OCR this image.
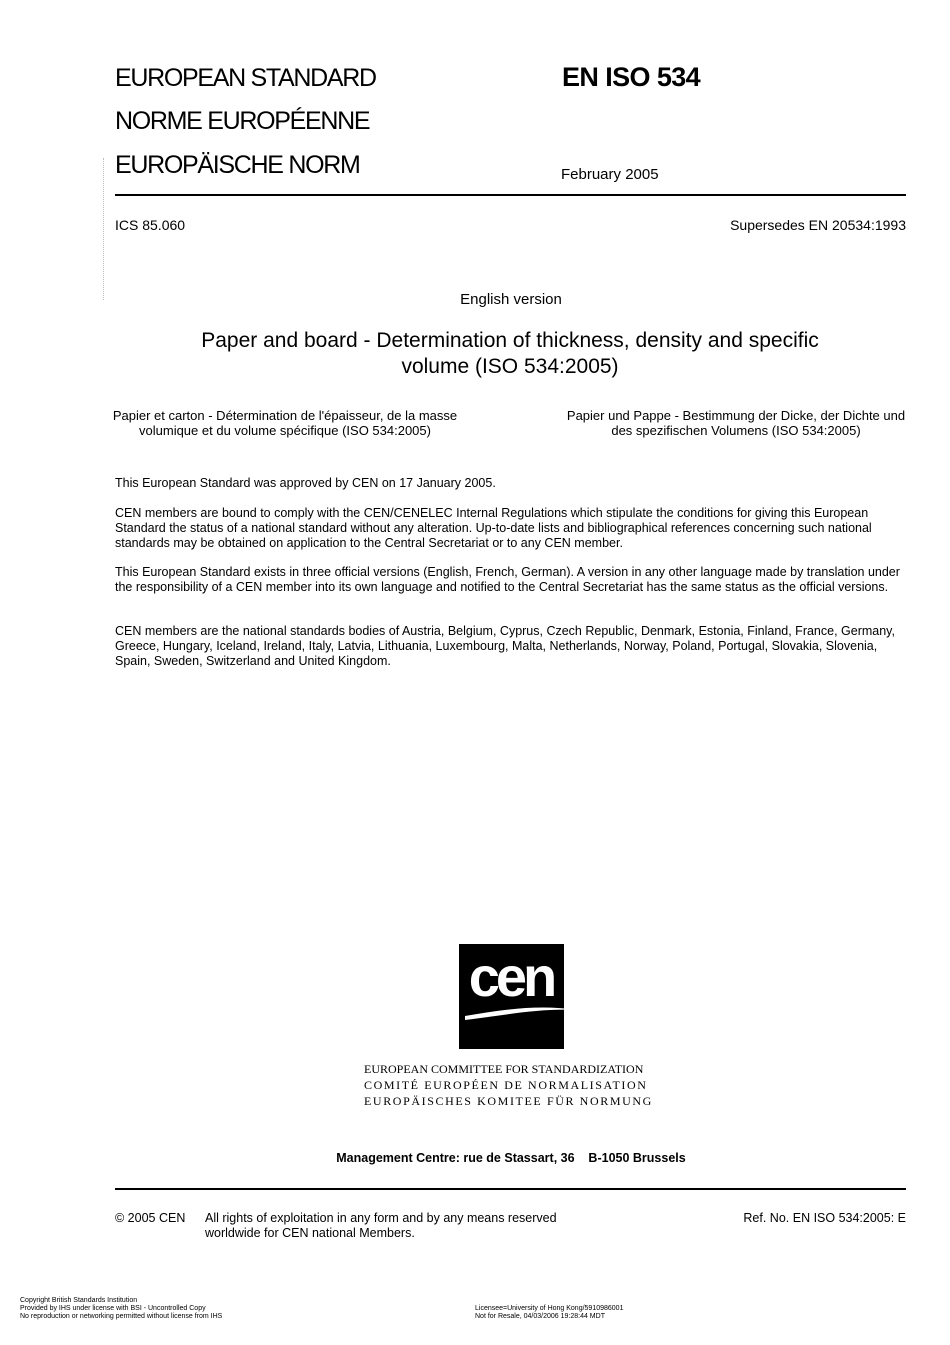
EUROPEAN STANDARD
NORME EUROPÉENNE
EUROPÄISCHE NORM
EN ISO 534
February 2005
ICS 85.060	Supersedes EN 20534:1993
English version
Paper and board - Determination of thickness, density and specific volume (ISO 534:2005)
Papier et carton - Détermination de l'épaisseur, de la masse volumique et du volume spécifique (ISO 534:2005)
Papier und Pappe - Bestimmung der Dicke, der Dichte und des spezifischen Volumens (ISO 534:2005)
This European Standard was approved by CEN on 17 January 2005.
CEN members are bound to comply with the CEN/CENELEC Internal Regulations which stipulate the conditions for giving this European Standard the status of a national standard without any alteration. Up-to-date lists and bibliographical references concerning such national standards may be obtained on application to the Central Secretariat or to any CEN member.
This European Standard exists in three official versions (English, French, German). A version in any other language made by translation under the responsibility of a CEN member into its own language and notified to the Central Secretariat has the same status as the official versions.
CEN members are the national standards bodies of Austria, Belgium, Cyprus, Czech Republic, Denmark, Estonia, Finland, France, Germany, Greece, Hungary, Iceland, Ireland, Italy, Latvia, Lithuania, Luxembourg, Malta, Netherlands, Norway, Poland, Portugal, Slovakia, Slovenia, Spain, Sweden, Switzerland and United Kingdom.
cen
EUROPEAN COMMITTEE FOR STANDARDIZATION
COMITÉ EUROPÉEN DE NORMALISATION
EUROPÄISCHES KOMITEE FÜR NORMUNG
Management Centre: rue de Stassart, 36    B-1050 Brussels
© 2005 CEN All rights of exploitation in any form and by any means reserved worldwide for CEN national Members.
Ref. No. EN ISO 534:2005: E
Copyright British Standards Institution
Provided by IHS under license with BSI - Uncontrolled Copy
No reproduction or networking permitted without license from IHS
Licensee=University of Hong Kong/5910986001
Not for Resale, 04/03/2006 19:28:44 MDT
